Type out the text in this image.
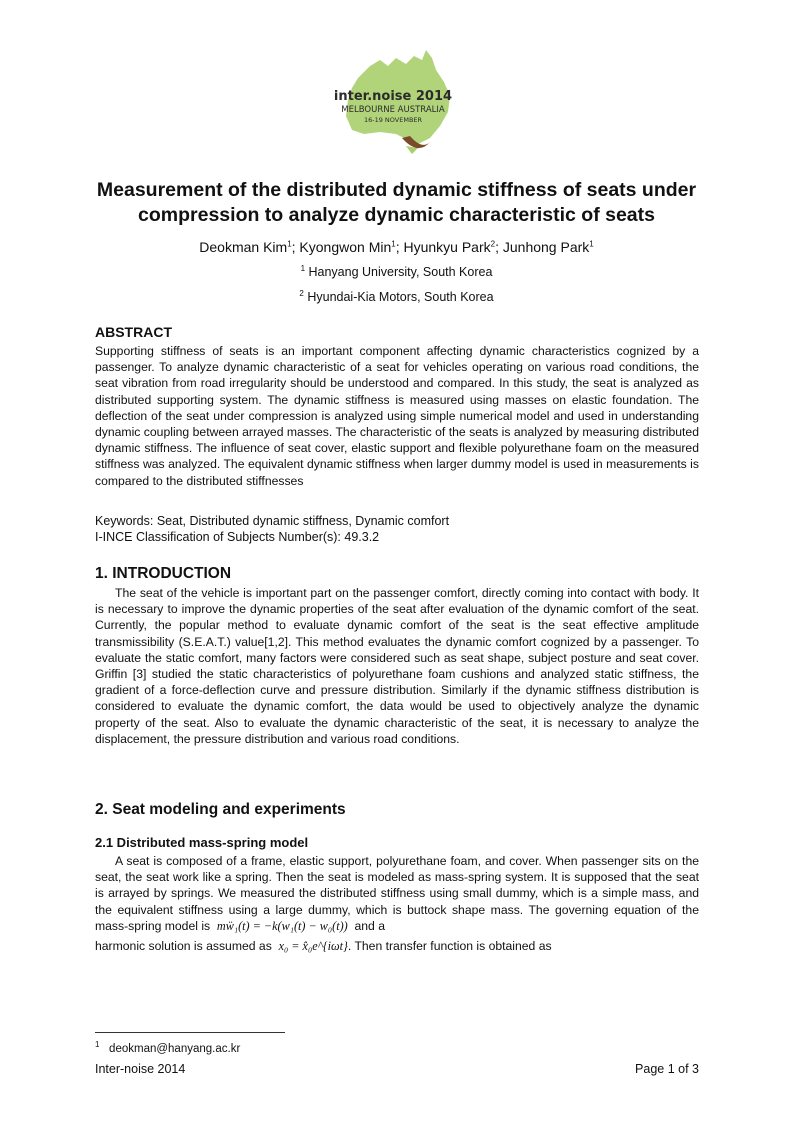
inter.noise 2014
MELBOURNE AUSTRALIA
16-19 NOVEMBER
Measurement of the distributed dynamic stiffness of seats under
compression to analyze dynamic characteristic of seats
Deokman Kim$^1$; Kyongwon Min$^1$; Hyunkyu Park$^2$; Junhong Park$^1$
$^1$ Hanyang University, South Korea
$^2$ Hyundai-Kia Motors, South Korea
ABSTRACT

Supporting stiffness of seats is an important component affecting dynamic characteristics cognized by a passenger. To analyze dynamic characteristic of a seat for vehicles operating on various road conditions, the seat vibration from road irregularity should be understood and compared. In this study, the seat is analyzed as distributed supporting system. The dynamic stiffness is measured using masses on elastic foundation. The deflection of the seat under compression is analyzed using simple numerical model and used in understanding dynamic coupling between arrayed masses. The characteristic of the seats is analyzed by measuring distributed dynamic stiffness. The influence of seat cover, elastic support and flexible polyurethane foam on the measured stiffness was analyzed. The equivalent dynamic stiffness when larger dummy model is used in measurements is compared to the distributed stiffnesses

Keywords: Seat, Distributed dynamic stiffness, Dynamic comfort
I-INCE Classification of Subjects Number(s): 49.3.2
1. INTRODUCTION

The seat of the vehicle is important part on the passenger comfort, directly coming into contact with body. It is necessary to improve the dynamic properties of the seat after evaluation of the dynamic comfort of the seat. Currently, the popular method to evaluate dynamic comfort of the seat is the seat effective amplitude transmissibility (S.E.A.T.) value[1,2]. This method evaluates the dynamic comfort cognized by a passenger. To evaluate the static comfort, many factors were considered such as seat shape, subject posture and seat cover. Griffin [3] studied the static characteristics of polyurethane foam cushions and analyzed static stiffness, the gradient of a force-deflection curve and pressure distribution. Similarly if the dynamic stiffness distribution is considered to evaluate the dynamic comfort, the data would be used to objectively analyze the dynamic property of the seat. Also to evaluate the dynamic characteristic of the seat, it is necessary to analyze the displacement, the pressure distribution and various road conditions.

2. Seat modeling and experiments
2.1 Distributed mass-spring model

A seat is composed of a frame, elastic support, polyurethane foam, and cover. When passenger sits on the seat, the seat work like a spring. Then the seat is modeled as mass-spring system. It is supposed that the seat is arrayed by springs. We measured the distributed stiffness using small dummy, which is a simple mass, and the equivalent stiffness using a large dummy, which is buttock shape mass. The governing equation of the mass-spring model is mẅ₁(t) = −k(w₁(t) − w₀(t)) and a

harmonic solution is assumed as x₀ = x̂₀e^{iωt}. Then transfer function is obtained as

$^1$ deokman@hanyang.ac.kr
Inter-noise 2014	Page 1 of 3
